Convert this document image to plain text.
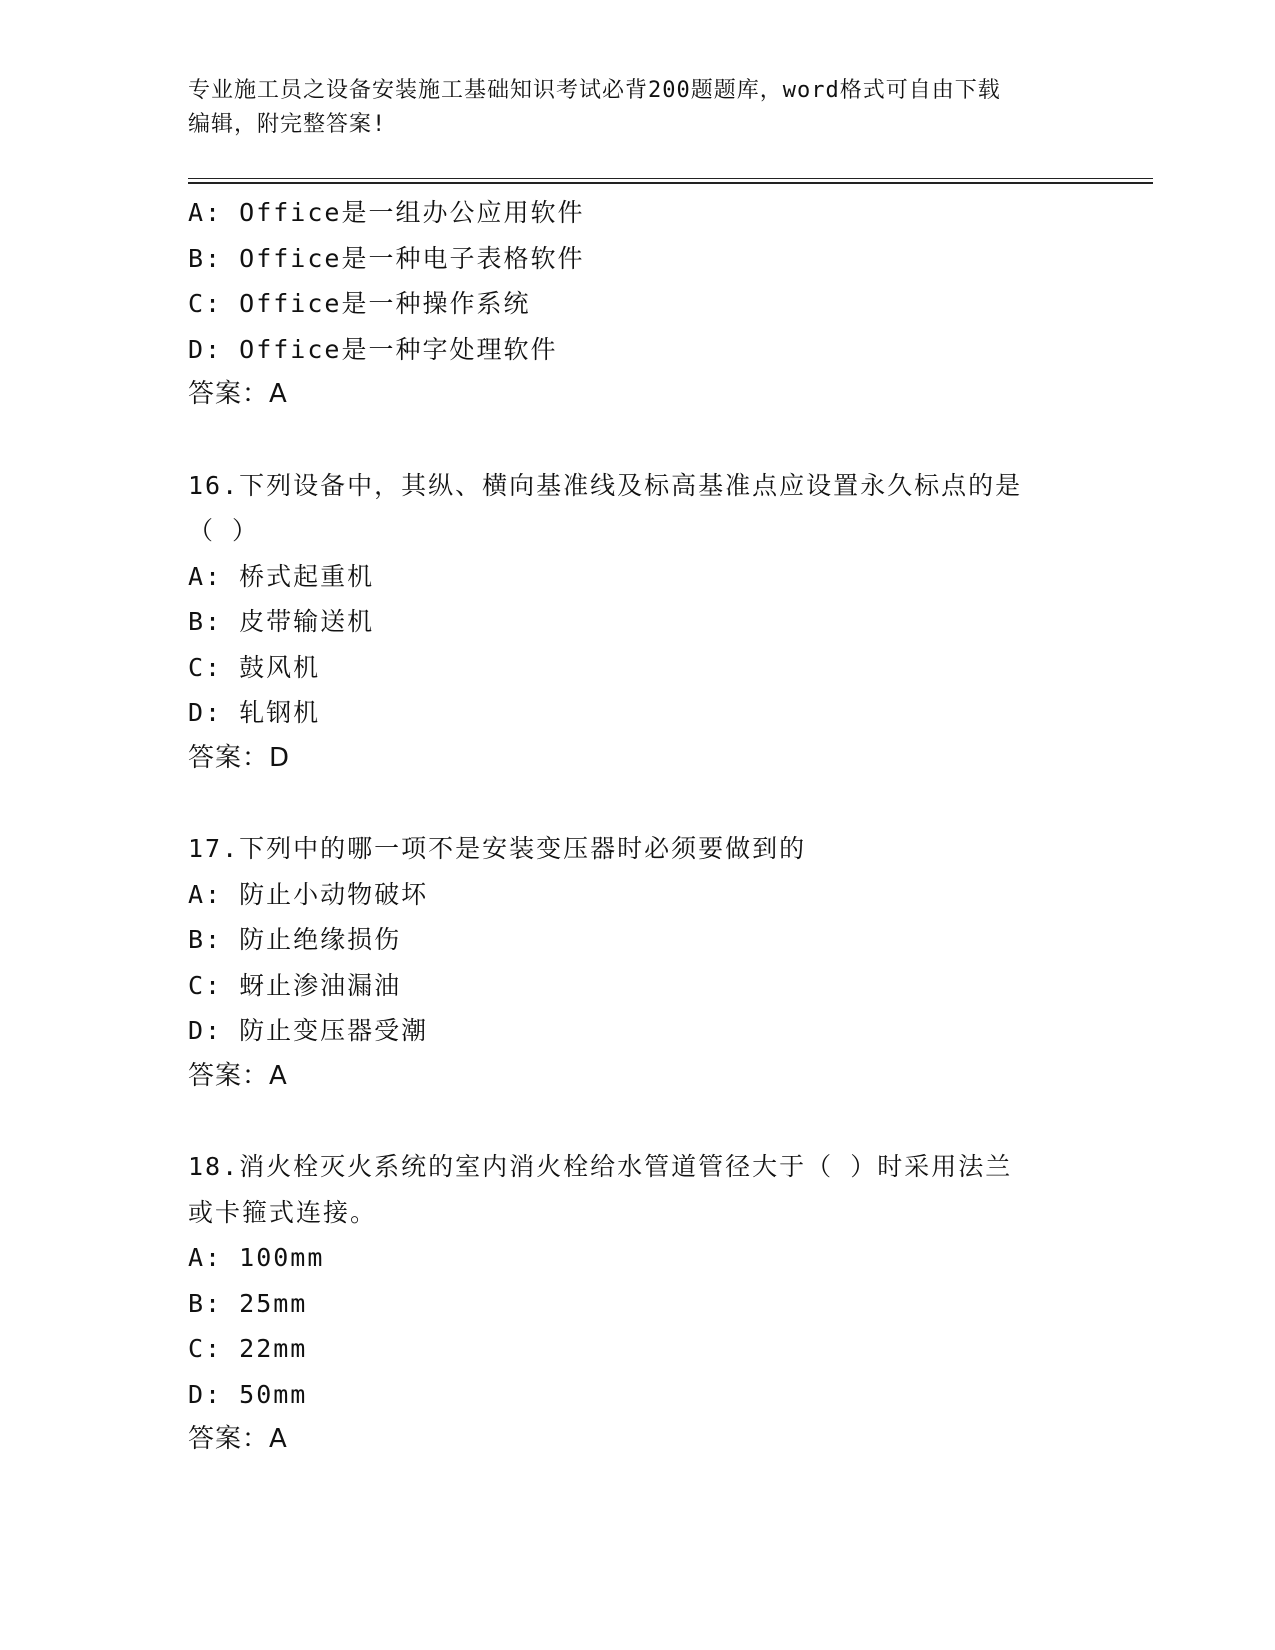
专业施工员之设备安装施工基础知识考试必背200题题库，word格式可自由下载
编辑，附完整答案!
A: Office是一组办公应用软件
B: Office是一种电子表格软件
C: Office是一种操作系统
D: Office是一种字处理软件
答案：A
16.下列设备中，其纵、横向基准线及标高基准点应设置永久标点的是
（ ）
A: 桥式起重机
B: 皮带输送机
C: 鼓风机
D: 轧钢机
答案：D
17.下列中的哪一项不是安装变压器时必须要做到的
A: 防止小动物破坏
B: 防止绝缘损伤
C: 蚜止渗油漏油
D: 防止变压器受潮
答案：A
18.消火栓灭火系统的室内消火栓给水管道管径大于（ ）时采用法兰
或卡箍式连接。
A: 100mm
B: 25mm
C: 22mm
D: 50mm
答案：A
